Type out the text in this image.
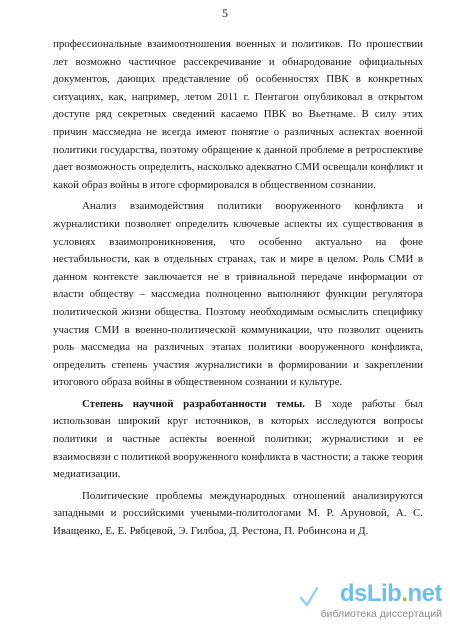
5

профессиональные взаимоотношения военных и политиков. По прошествии лет возможно частичное рассекречивание и обнародование официальных документов, дающих представление об особенностях ПВК в конкретных ситуациях, как, например, летом 2011 г. Пентагон опубликовал в открытом доступе ряд секретных сведений касаемо ПВК во Вьетнаме. В силу этих причин массмедиа не всегда имеют понятие о различных аспектах военной политики государства, поэтому обращение к данной проблеме в ретроспективе дает возможность определить, насколько адекватно СМИ освещали конфликт и какой образ войны в итоге сформировался в общественном сознании.

Анализ взаимодействия политики вооруженного конфликта и журналистики позволяет определить ключевые аспекты их существования в условиях взаимопроникновения, что особенно актуально на фоне нестабильности, как в отдельных странах, так и мире в целом. Роль СМИ в данном контексте заключается не в тривиальной передаче информации от власти обществу – массмедиа полноценно выполняют функции регулятора политической жизни общества. Поэтому необходимым осмыслить специфику участия СМИ в военно-политической коммуникации, что позволит оценить роль массмедиа на различных этапах политики вооруженного конфликта, определить степень участия журналистики в формировании и закреплении итогового образа войны в общественном сознании и культуре.

Степень научной разработанности темы. В ходе работы был использован широкий круг источников, в которых исследуются вопросы политики и частные аспекты военной политики; журналистики и ее взаимосвязи с политикой вооруженного конфликта в частности; а также теория медиатизации.

Политические проблемы международных отношений анализируются западными и российскими учеными-политологами М. Р. Аруновой, А. С. Иващенко, Е. Е. Рябцевой, Э. Гилбоа, Д. Рестона, П. Робинсона и Д.

dsLib.net
библиотека диссертаций
